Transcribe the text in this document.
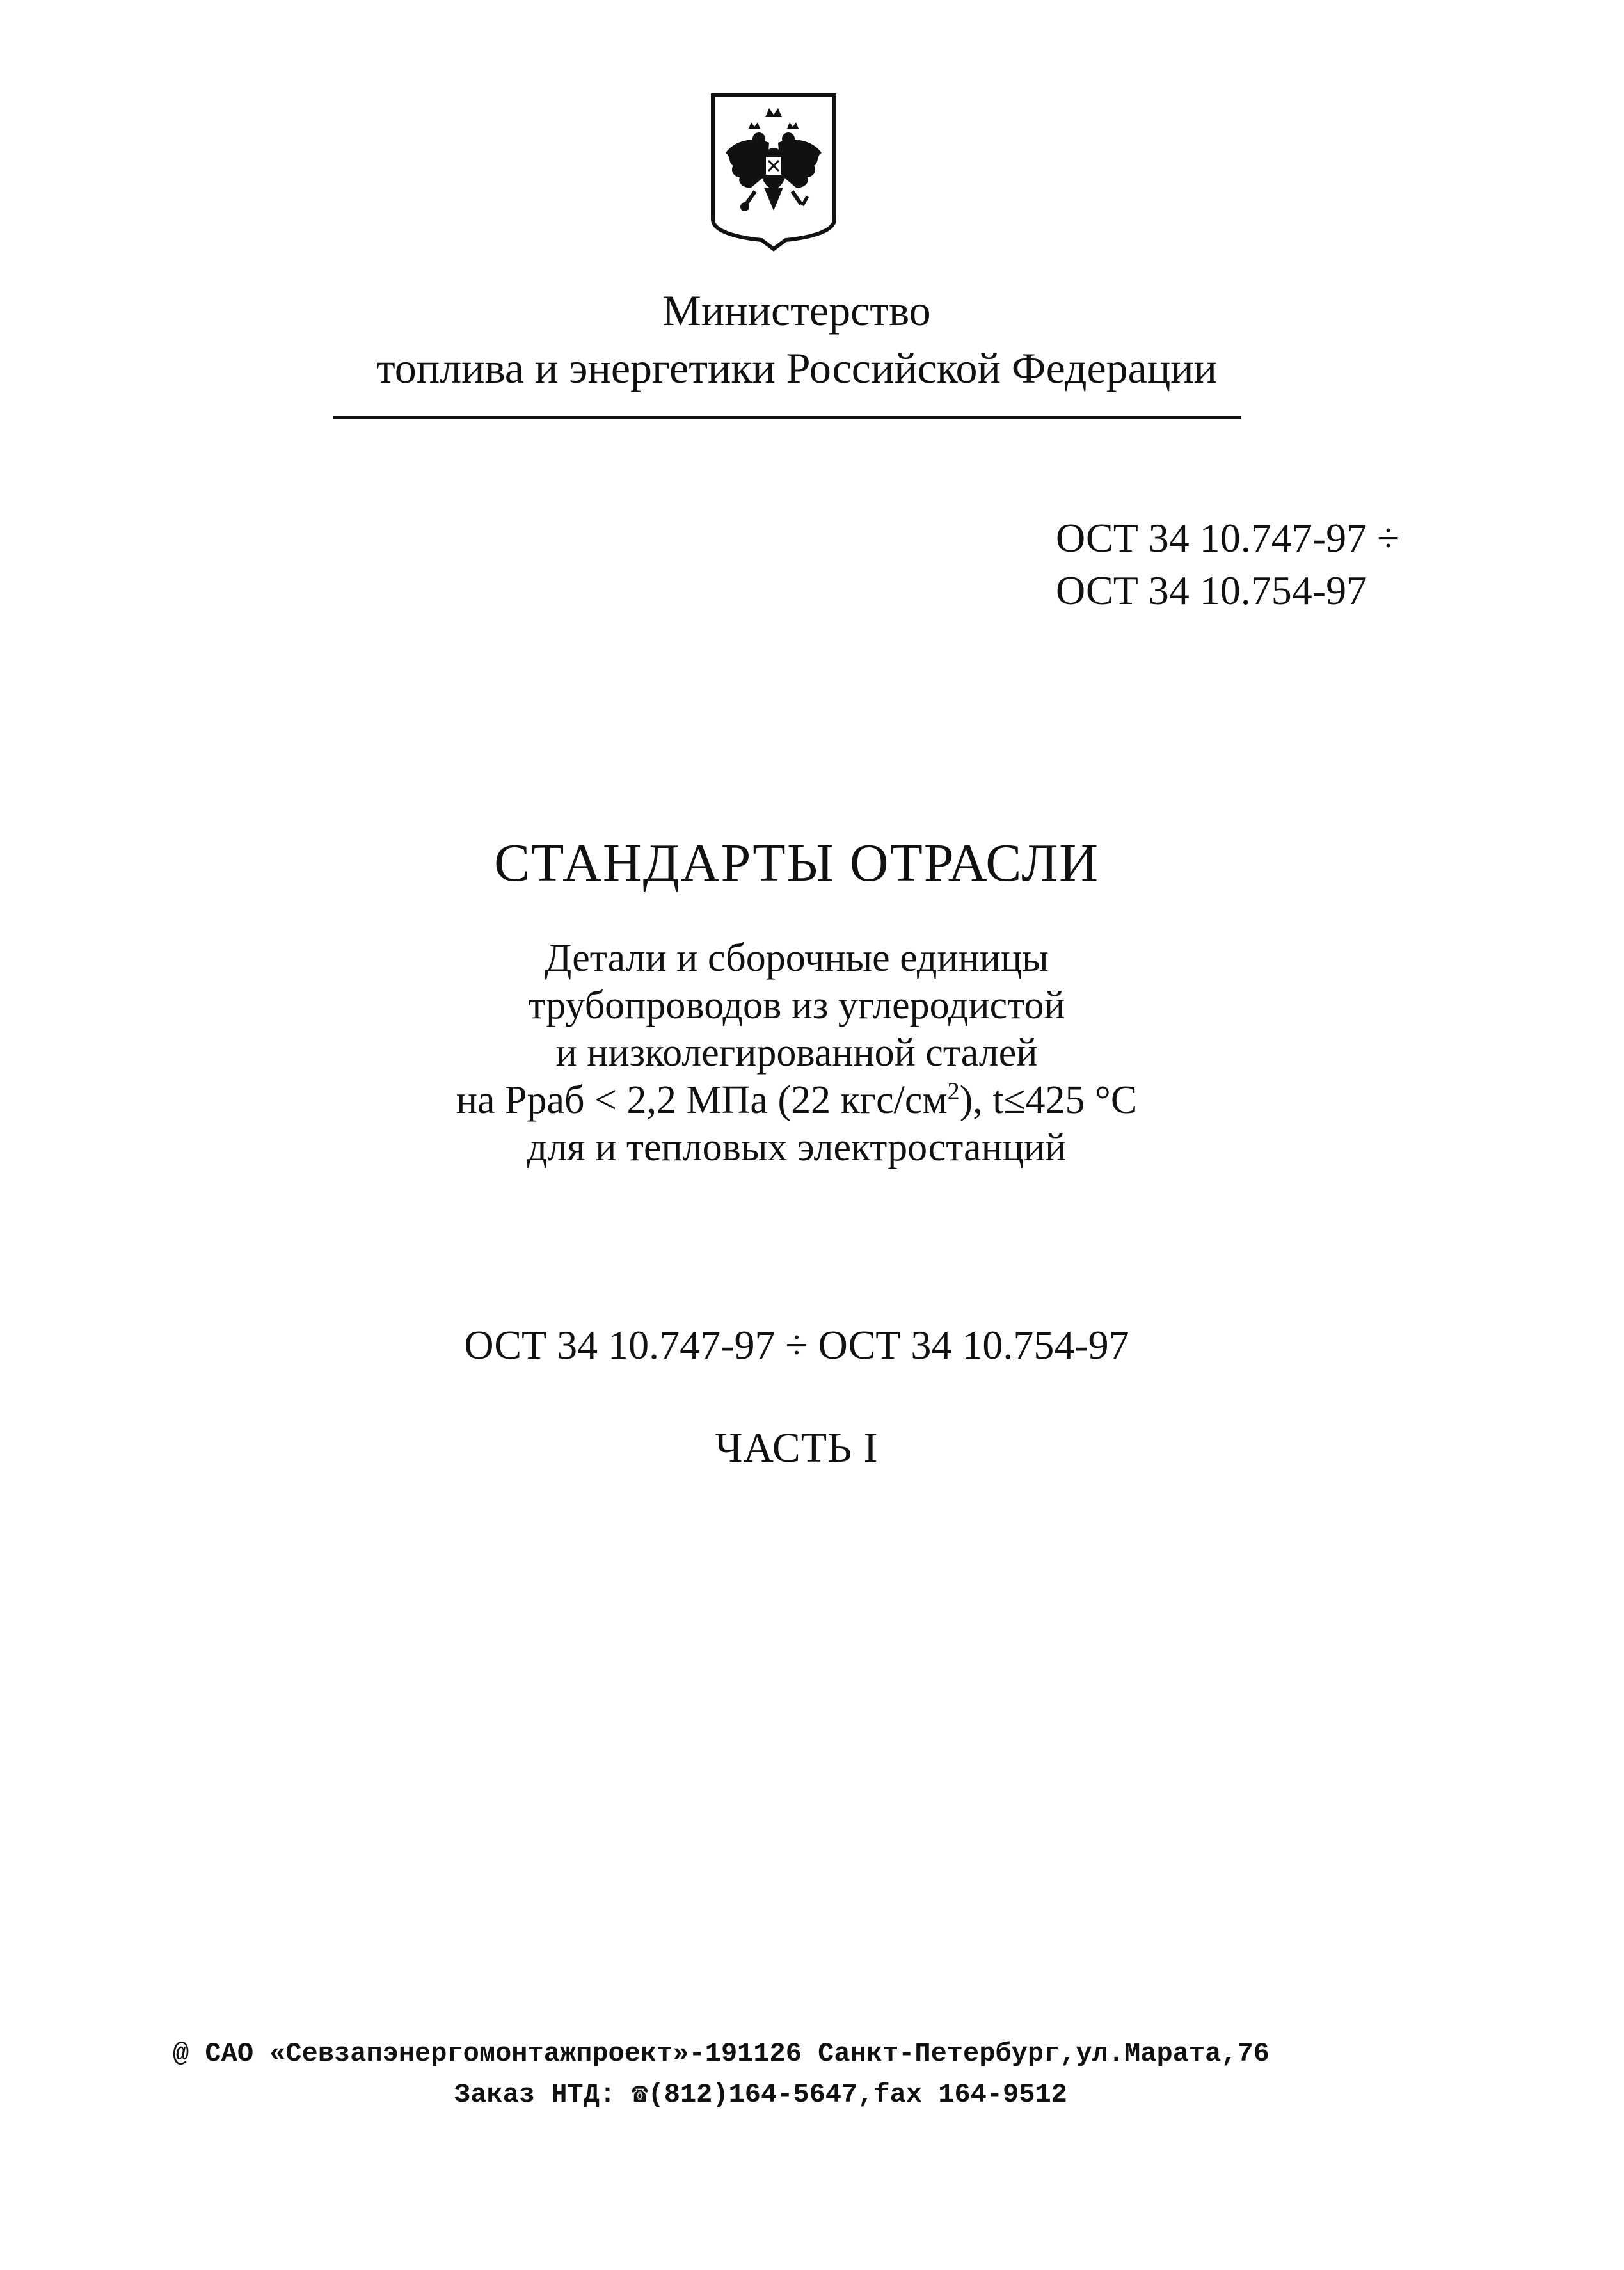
Министерство
топлива и энергетики Российской Федерации
ОСТ 34 10.747-97 ÷
ОСТ 34 10.754-97
СТАНДАРТЫ ОТРАСЛИ
Детали и сборочные единицы
трубопроводов из углеродистой
и низколегированной сталей
на Рраб < 2,2 МПа (22 кгс/$см^2$), t≤425 °С
для и тепловых электростанций
ОСТ 34 10.747-97 ÷ ОСТ 34 10.754-97
ЧАСТЬ I
@ САО «Севзапэнергомонтажпроект»-191126 Санкт-Петербург,ул.Марата,76
Заказ НТД: ☎(812)164-5647,fax 164-9512
